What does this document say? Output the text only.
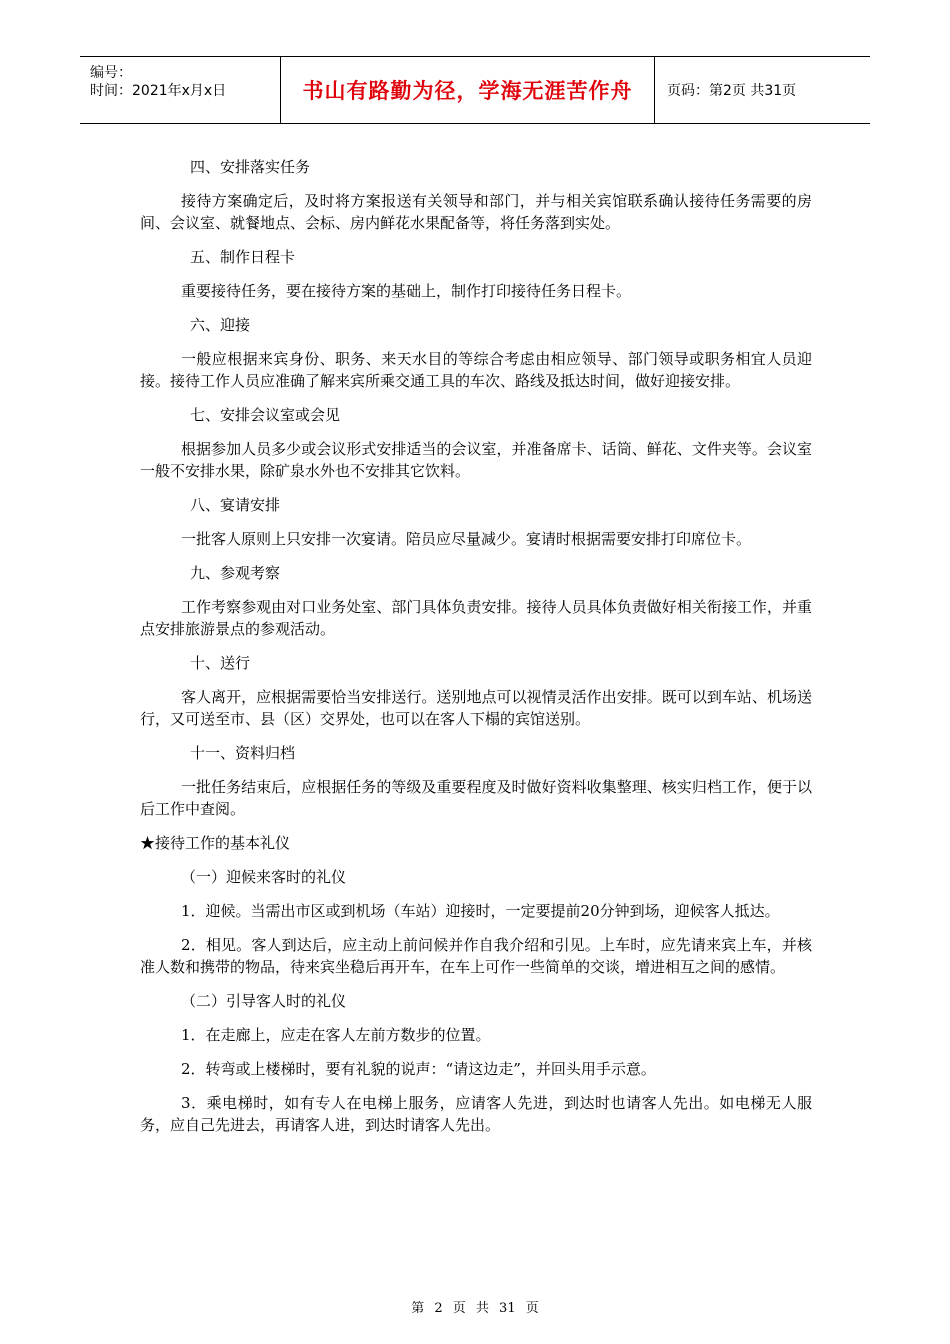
编号：
时间：2021年x月x日	书山有路勤为径，学海无涯苦作舟	页码：第2页 共31页
四、安排落实任务
接待方案确定后，及时将方案报送有关领导和部门，并与相关宾馆联系确认接待任务需要的房间、会议室、就餐地点、会标、房内鲜花水果配备等，将任务落到实处。
五、制作日程卡
重要接待任务，要在接待方案的基础上，制作打印接待任务日程卡。
六、迎接
一般应根据来宾身份、职务、来天水目的等综合考虑由相应领导、部门领导或职务相宜人员迎接。接待工作人员应准确了解来宾所乘交通工具的车次、路线及抵达时间，做好迎接安排。
七、安排会议室或会见
根据参加人员多少或会议形式安排适当的会议室，并准备席卡、话筒、鲜花、文件夹等。会议室一般不安排水果，除矿泉水外也不安排其它饮料。
八、宴请安排
一批客人原则上只安排一次宴请。陪员应尽量减少。宴请时根据需要安排打印席位卡。
九、参观考察
工作考察参观由对口业务处室、部门具体负责安排。接待人员具体负责做好相关衔接工作，并重点安排旅游景点的参观活动。
十、送行
客人离开，应根据需要恰当安排送行。送别地点可以视情灵活作出安排。既可以到车站、机场送行，又可送至市、县（区）交界处，也可以在客人下榻的宾馆送别。
十一、资料归档
一批任务结束后，应根据任务的等级及重要程度及时做好资料收集整理、核实归档工作，便于以后工作中查阅。
★接待工作的基本礼仪
（一）迎候来客时的礼仪
1．迎候。当需出市区或到机场（车站）迎接时，一定要提前20分钟到场，迎候客人抵达。
2．相见。客人到达后，应主动上前问候并作自我介绍和引见。上车时，应先请来宾上车，并核准人数和携带的物品，待来宾坐稳后再开车，在车上可作一些简单的交谈，增进相互之间的感情。
（二）引导客人时的礼仪
1．在走廊上，应走在客人左前方数步的位置。
2．转弯或上楼梯时，要有礼貌的说声：“请这边走”，并回头用手示意。
3．乘电梯时，如有专人在电梯上服务，应请客人先进，到达时也请客人先出。如电梯无人服务，应自己先进去，再请客人进，到达时请客人先出。
第 2 页 共 31 页
